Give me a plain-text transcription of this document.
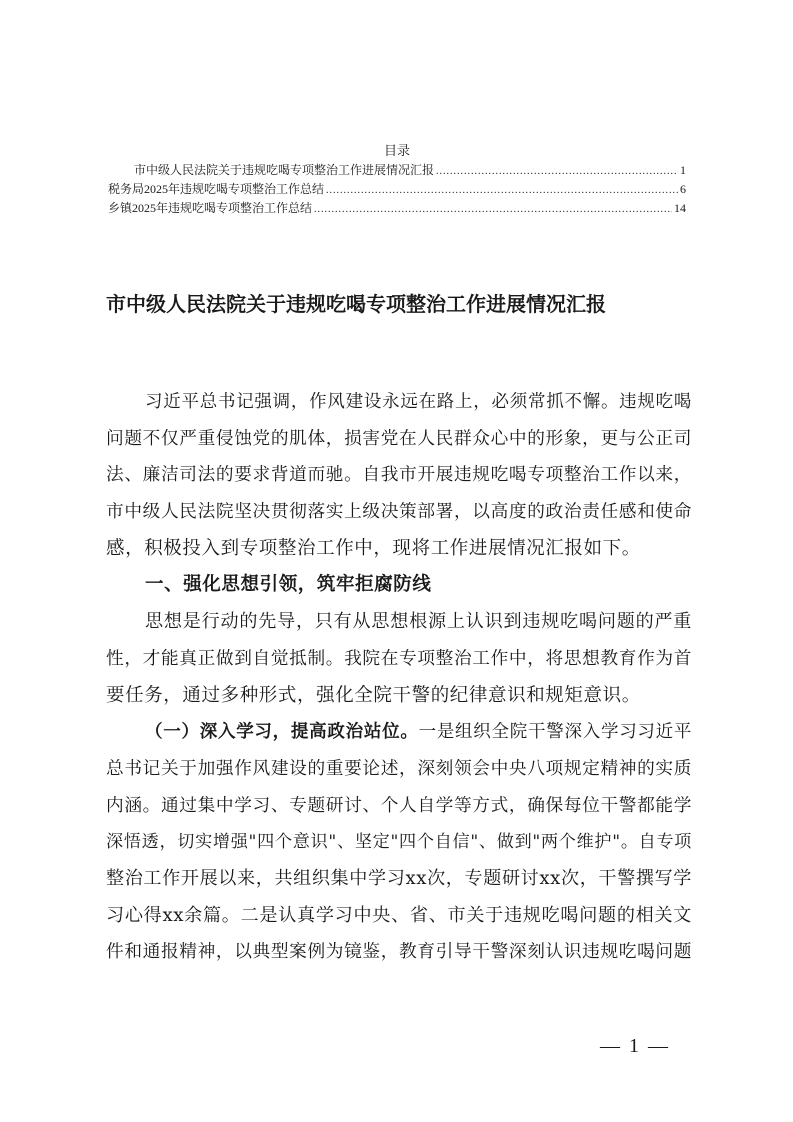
目录
市中级人民法院关于违规吃喝专项整治工作进展情况汇报 .....	1
税务局2025年违规吃喝专项整治工作总结 .....	6
乡镇2025年违规吃喝专项整治工作总结 .....	14
市中级人民法院关于违规吃喝专项整治工作进展情况汇报
习近平总书记强调，作风建设永远在路上，必须常抓不懈。违规吃喝
问题不仅严重侵蚀党的肌体，损害党在人民群众心中的形象，更与公正司
法、廉洁司法的要求背道而驰。自我市开展违规吃喝专项整治工作以来，
市中级人民法院坚决贯彻落实上级决策部署，以高度的政治责任感和使命
感，积极投入到专项整治工作中，现将工作进展情况汇报如下。
一、强化思想引领，筑牢拒腐防线
思想是行动的先导，只有从思想根源上认识到违规吃喝问题的严重
性，才能真正做到自觉抵制。我院在专项整治工作中，将思想教育作为首
要任务，通过多种形式，强化全院干警的纪律意识和规矩意识。
（一）深入学习，提高政治站位。一是组织全院干警深入学习习近平
总书记关于加强作风建设的重要论述，深刻领会中央八项规定精神的实质
内涵。通过集中学习、专题研讨、个人自学等方式，确保每位干警都能学
深悟透，切实增强"四个意识"、坚定"四个自信"、做到"两个维护"。自专项
整治工作开展以来，共组织集中学习xx次，专题研讨xx次，干警撰写学
习心得xx余篇。二是认真学习中央、省、市关于违规吃喝问题的相关文
件和通报精神，以典型案例为镜鉴，教育引导干警深刻认识违规吃喝问题
— 1 —
